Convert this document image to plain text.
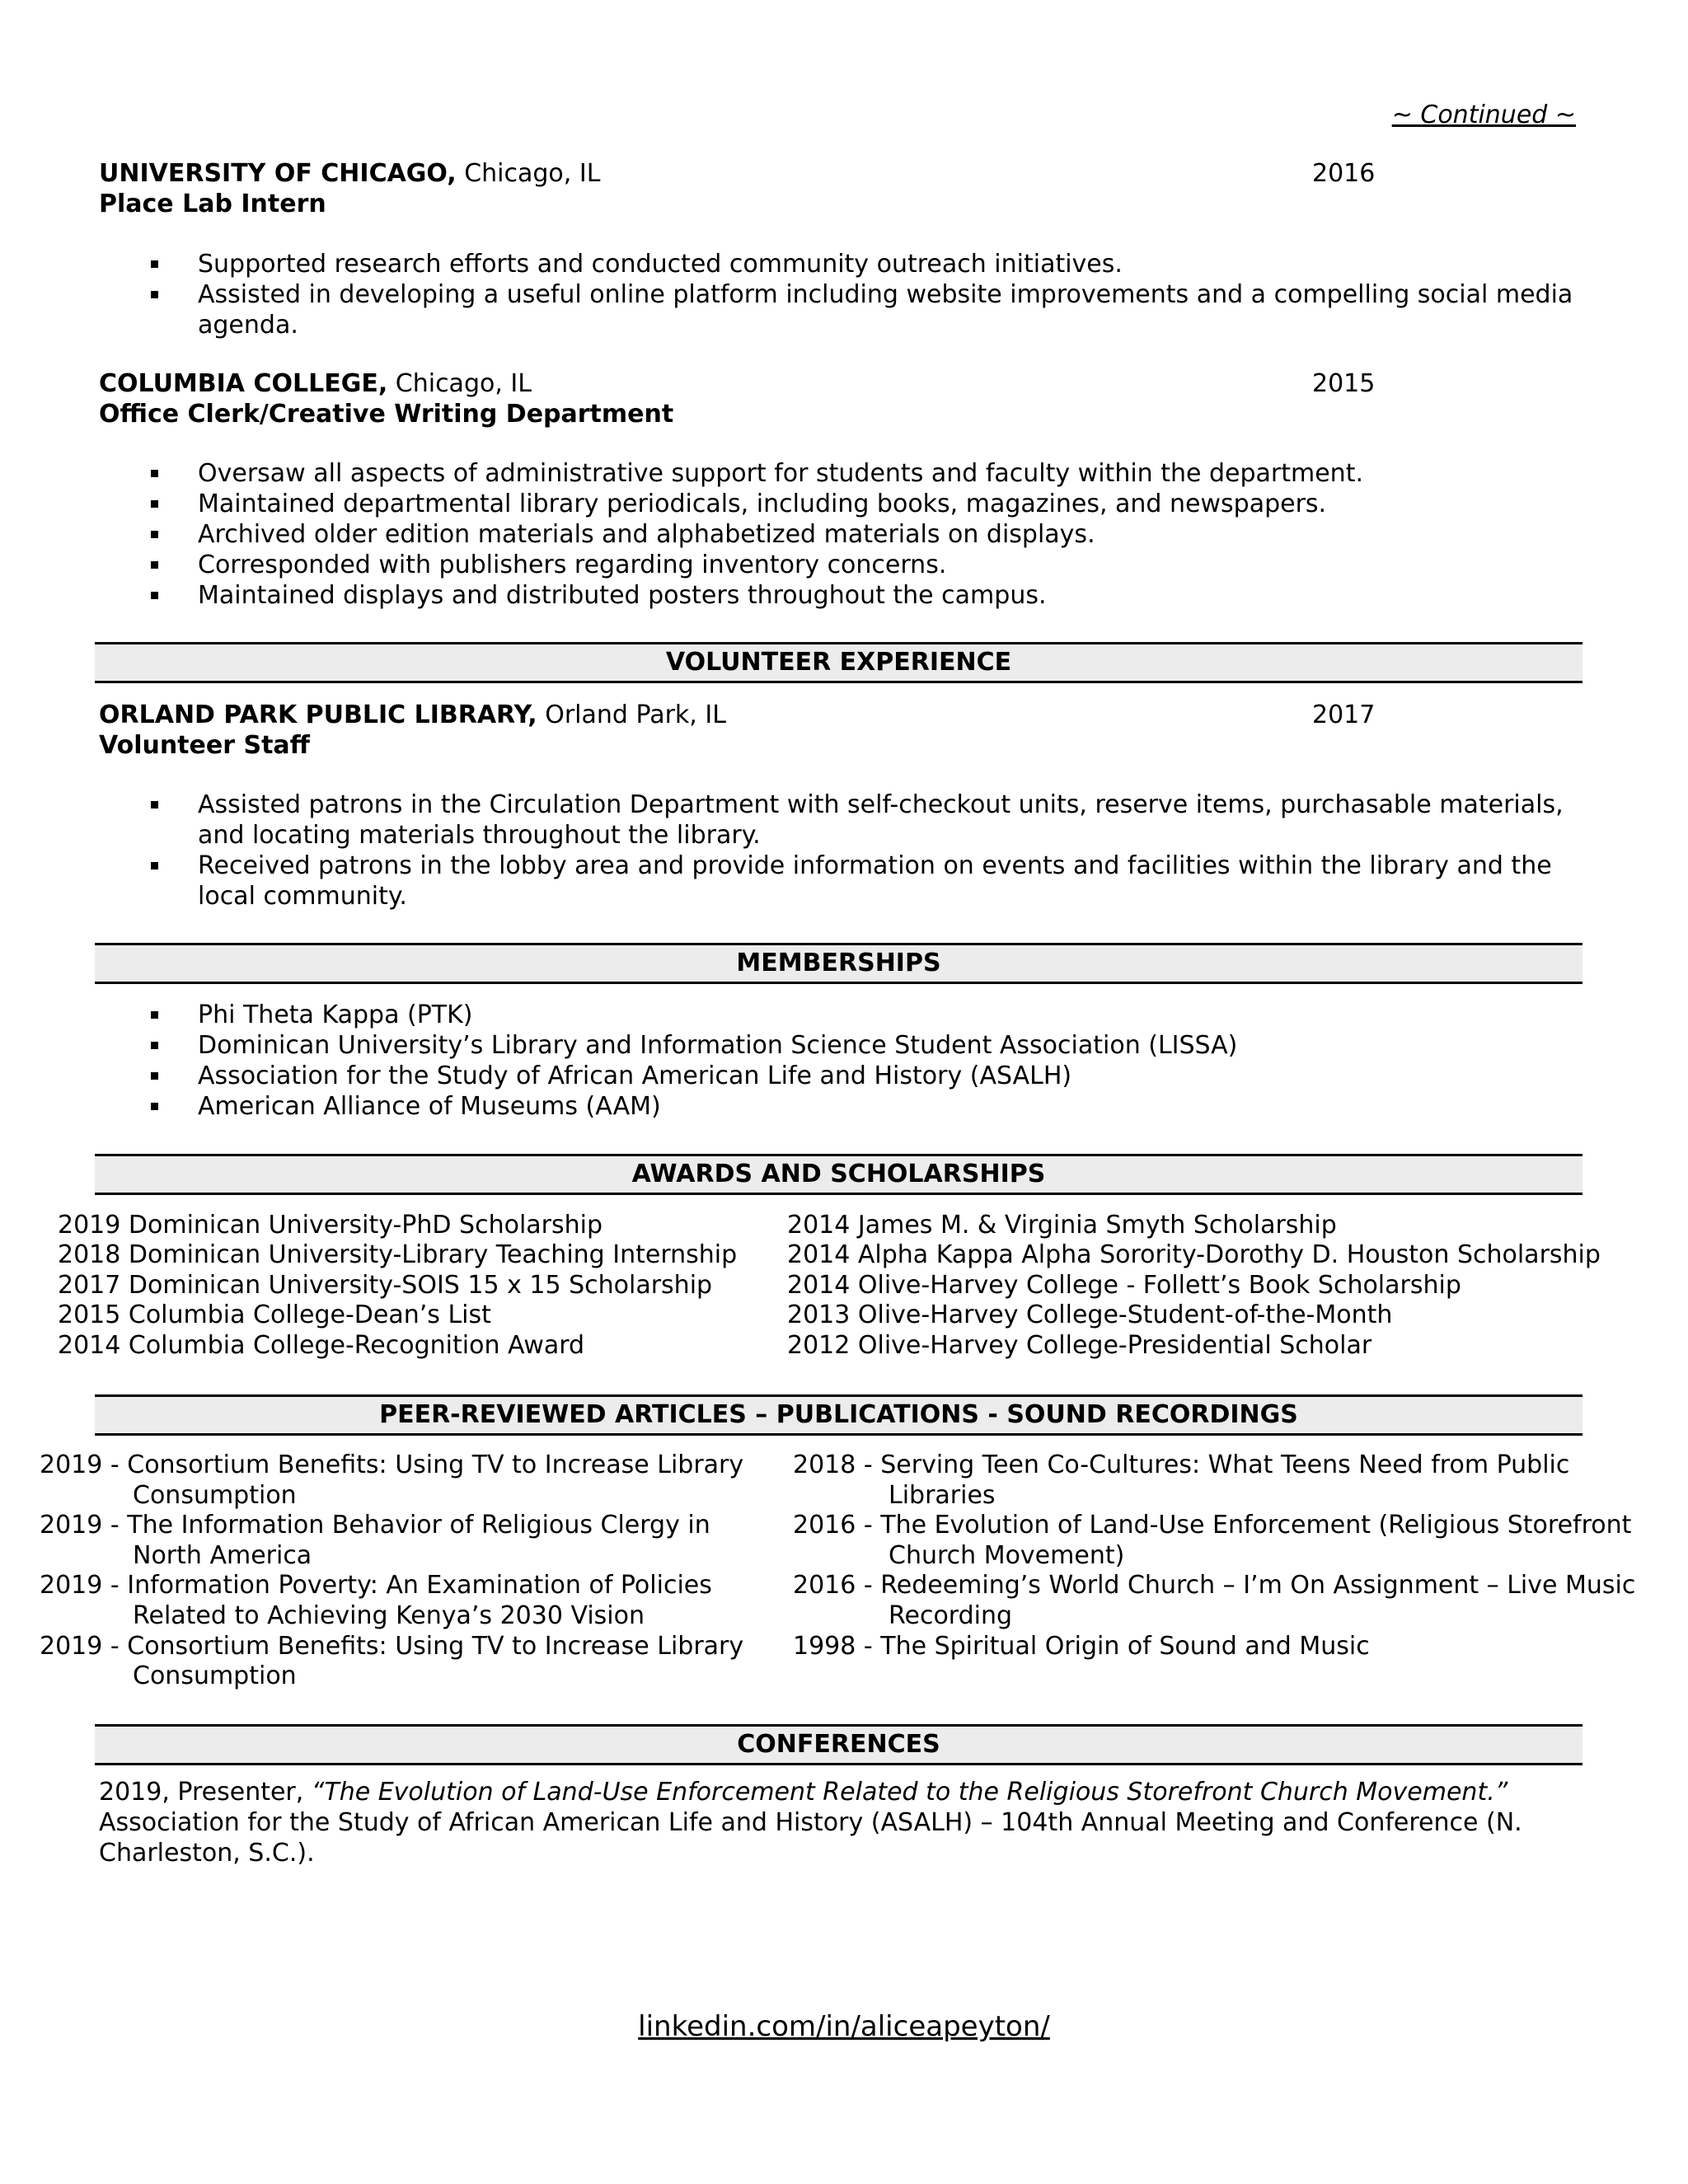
~ Continued ~
UNIVERSITY OF CHICAGO, Chicago, IL	2016
Place Lab Intern
Supported research efforts and conducted community outreach initiatives.
Assisted in developing a useful online platform including website improvements and a compelling social media agenda.
COLUMBIA COLLEGE, Chicago, IL	2015
Office Clerk/Creative Writing Department
Oversaw all aspects of administrative support for students and faculty within the department.
Maintained departmental library periodicals, including books, magazines, and newspapers.
Archived older edition materials and alphabetized materials on displays.
Corresponded with publishers regarding inventory concerns.
Maintained displays and distributed posters throughout the campus.
VOLUNTEER EXPERIENCE
ORLAND PARK PUBLIC LIBRARY, Orland Park, IL	2017
Volunteer Staff
Assisted patrons in the Circulation Department with self-checkout units, reserve items, purchasable materials, and locating materials throughout the library.
Received patrons in the lobby area and provide information on events and facilities within the library and the local community.
MEMBERSHIPS
Phi Theta Kappa (PTK)
Dominican University’s Library and Information Science Student Association (LISSA)
Association for the Study of African American Life and History (ASALH)
American Alliance of Museums (AAM)
AWARDS AND SCHOLARSHIPS
2019 Dominican University-PhD Scholarship
2018 Dominican University-Library Teaching Internship
2017 Dominican University-SOIS 15 x 15 Scholarship
2015 Columbia College-Dean’s List
2014 Columbia College-Recognition Award
2014 James M. & Virginia Smyth Scholarship
2014 Alpha Kappa Alpha Sorority-Dorothy D. Houston Scholarship
2014 Olive-Harvey College - Follett’s Book Scholarship
2013 Olive-Harvey College-Student-of-the-Month
2012 Olive-Harvey College-Presidential Scholar
PEER-REVIEWED ARTICLES – PUBLICATIONS - SOUND RECORDINGS
2019 - Consortium Benefits: Using TV to Increase Library Consumption
2019 - The Information Behavior of Religious Clergy in North America
2019 - Information Poverty: An Examination of Policies Related to Achieving Kenya’s 2030 Vision
2019 - Consortium Benefits: Using TV to Increase Library Consumption
2018 - Serving Teen Co-Cultures: What Teens Need from Public Libraries
2016 - The Evolution of Land-Use Enforcement (Religious Storefront Church Movement)
2016 - Redeeming’s World Church – I’m On Assignment – Live Music Recording
1998 - The Spiritual Origin of Sound and Music
CONFERENCES
2019, Presenter, “The Evolution of Land-Use Enforcement Related to the Religious Storefront Church Movement.”
Association for the Study of African American Life and History (ASALH) – 104th Annual Meeting and Conference (N. Charleston, S.C.).
linkedin.com/in/aliceapeyton/
